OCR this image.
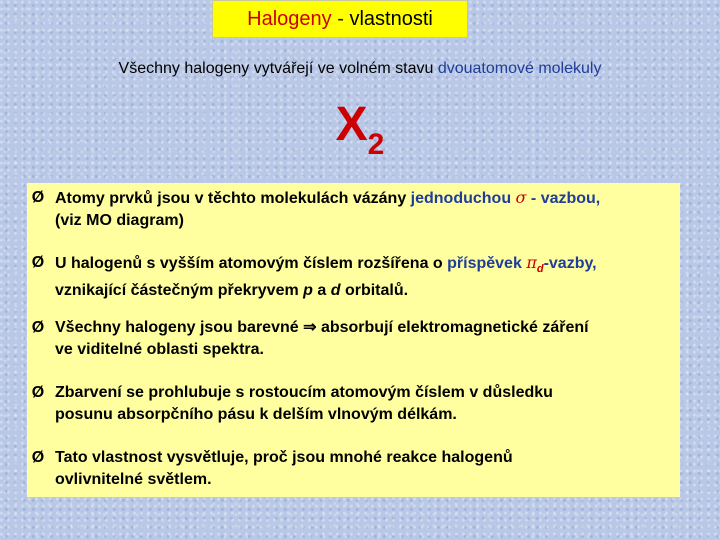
Halogeny - vlastnosti
Všechny halogeny vytvářejí ve volném stavu dvouatomové molekuly
$X_2$
Ø Atomy prvků jsou v těchto molekulách vázány jednoduchou σ - vazbou,
(viz MO diagram)
Ø U halogenů s vyšším atomovým číslem rozšířena o příspěvek $\pi_d$-vazby,
vznikající částečným překryvem p a d orbitalů.
Ø Všechny halogeny jsou barevné ⇒ absorbují elektromagnetické záření
ve viditelné oblasti spektra.
Ø Zbarvení se prohlubuje s rostoucím atomovým číslem v důsledku
posunu absorpčního pásu k delším vlnovým délkám.
Ø Tato vlastnost vysvětluje, proč jsou mnohé reakce halogenů
ovlivnitelné světlem.
